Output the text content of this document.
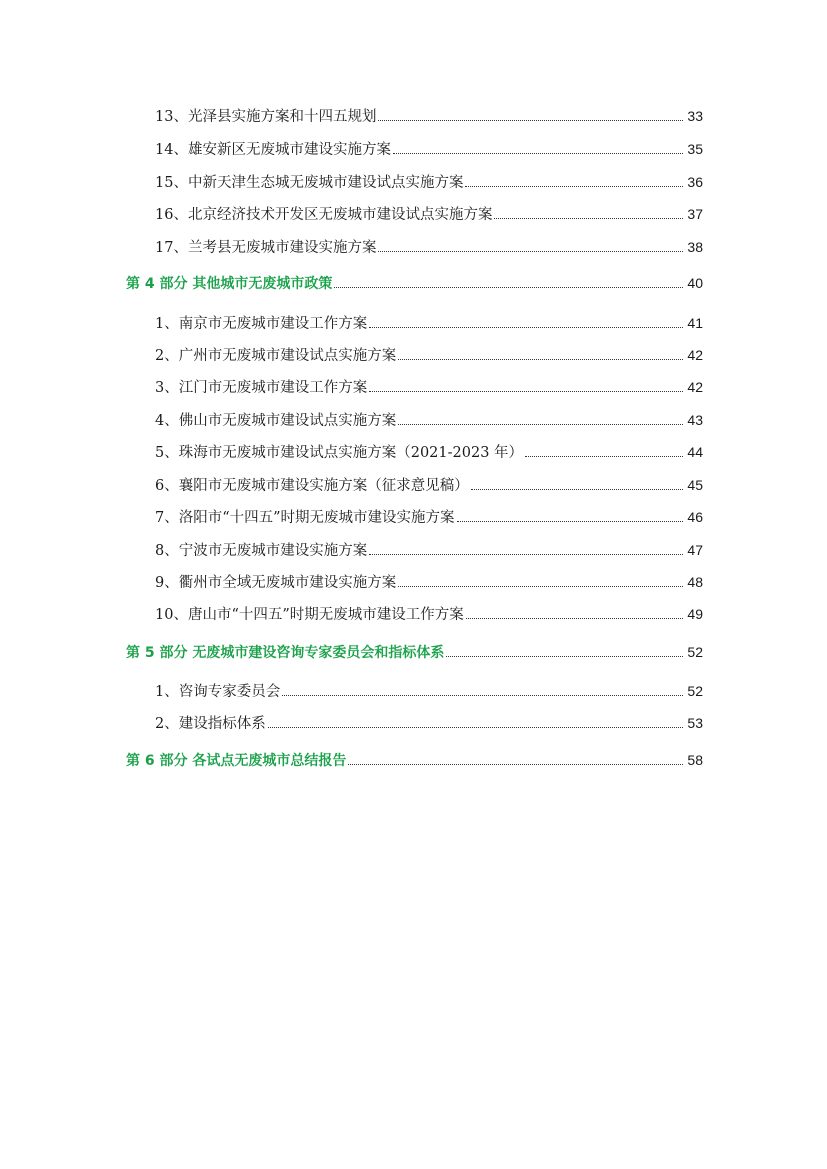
13、光泽县实施方案和十四五规划	33
14、雄安新区无废城市建设实施方案	35
15、中新天津生态城无废城市建设试点实施方案	36
16、北京经济技术开发区无废城市建设试点实施方案	37
17、兰考县无废城市建设实施方案	38
第 4 部分 其他城市无废城市政策	40
1、南京市无废城市建设工作方案	41
2、广州市无废城市建设试点实施方案	42
3、江门市无废城市建设工作方案	42
4、佛山市无废城市建设试点实施方案	43
5、珠海市无废城市建设试点实施方案（2021-2023 年）	44
6、襄阳市无废城市建设实施方案（征求意见稿）	45
7、洛阳市“十四五”时期无废城市建设实施方案	46
8、宁波市无废城市建设实施方案	47
9、衢州市全域无废城市建设实施方案	48
10、唐山市“十四五”时期无废城市建设工作方案	49
第 5 部分 无废城市建设咨询专家委员会和指标体系	52
1、咨询专家委员会	52
2、建设指标体系	53
第 6 部分 各试点无废城市总结报告	58
